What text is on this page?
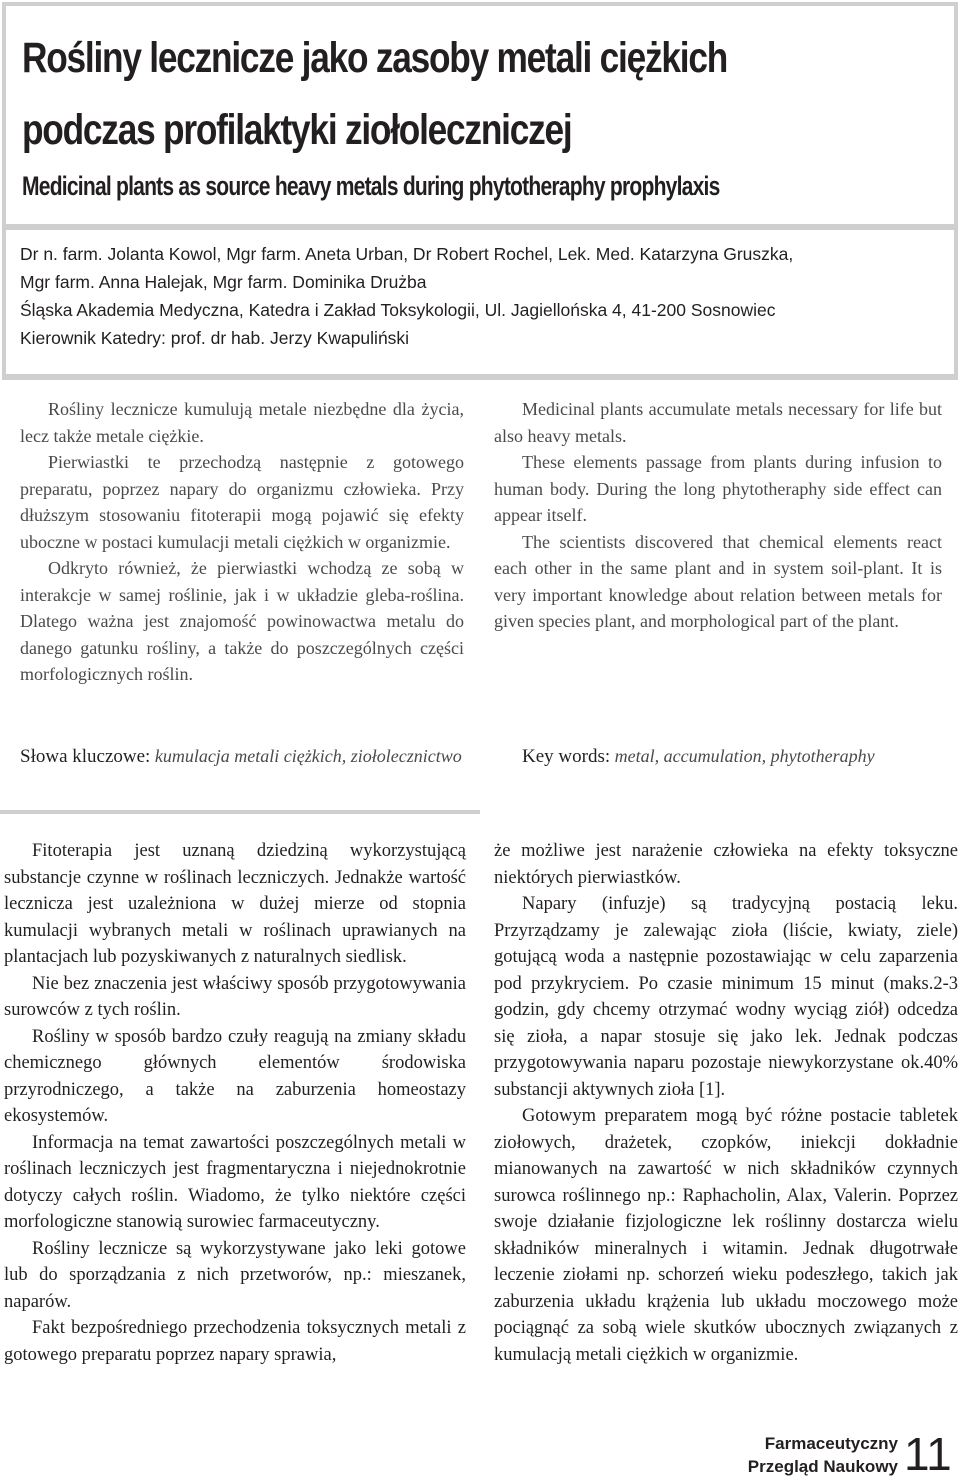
Rośliny lecznicze jako zasoby metali ciężkich
podczas profilaktyki ziołoleczniczej
Medicinal plants as source heavy metals during phytotheraphy prophylaxis

Dr n. farm. Jolanta Kowol, Mgr farm. Aneta Urban, Dr Robert Rochel, Lek. Med. Katarzyna Gruszka,

Mgr farm. Anna Halejak, Mgr farm. Dominika Drużba

Śląska Akademia Medyczna, Katedra i Zakład Toksykologii, Ul. Jagiellońska 4, 41-200 Sosnowiec

Kierownik Katedry: prof. dr hab. Jerzy Kwapuliński

Rośliny lecznicze kumulują metale niezbędne dla życia, lecz także metale ciężkie.

Pierwiastki te przechodzą następnie z gotowego preparatu, poprzez napary do organizmu człowieka. Przy dłuższym stosowaniu fitoterapii mogą pojawić się efekty uboczne w postaci kumulacji metali ciężkich w organizmie.

Odkryto również, że pierwiastki wchodzą ze sobą w interakcje w samej roślinie, jak i w układzie gleba-roślina. Dlatego ważna jest znajomość powinowactwa metalu do danego gatunku rośliny, a także do poszczególnych części morfologicznych roślin.

Medicinal plants accumulate metals necessary for life but also heavy metals.

These elements passage from plants during infusion to human body. During the long phytotheraphy side effect can appear itself.

The scientists discovered that chemical elements react each other in the same plant and in system soil-plant. It is very important knowledge about relation between metals for given species plant, and morphological part of the plant.

Słowa kluczowe: kumulacja metali ciężkich, ziołolecznictwo	Key words: metal, accumulation, phytotheraphy

Fitoterapia jest uznaną dziedziną wykorzystującą substancje czynne w roślinach leczniczych. Jednakże wartość lecznicza jest uzależniona w dużej mierze od stopnia kumulacji wybranych metali w roślinach uprawianych na plantacjach lub pozyskiwanych z naturalnych siedlisk.

Nie bez znaczenia jest właściwy sposób przygotowywania surowców z tych roślin.

Rośliny w sposób bardzo czuły reagują na zmiany składu chemicznego głównych elementów środowiska przyrodniczego, a także na zaburzenia homeostazy ekosystemów.

Informacja na temat zawartości poszczególnych metali w roślinach leczniczych jest fragmentaryczna i niejednokrotnie dotyczy całych roślin. Wiadomo, że tylko niektóre części morfologiczne stanowią surowiec farmaceutyczny.

Rośliny lecznicze są wykorzystywane jako leki gotowe lub do sporządzania z nich przetworów, np.: mieszanek, naparów.

Fakt bezpośredniego przechodzenia toksycznych metali z gotowego preparatu poprzez napary sprawia,

że możliwe jest narażenie człowieka na efekty toksyczne niektórych pierwiastków.

Napary (infuzje) są tradycyjną postacią leku. Przyrządzamy je zalewając zioła (liście, kwiaty, ziele) gotującą woda a następnie pozostawiając w celu zaparzenia pod przykryciem. Po czasie minimum 15 minut (maks.2-3 godzin, gdy chcemy otrzymać wodny wyciąg ziół) odcedza się zioła, a napar stosuje się jako lek. Jednak podczas przygotowywania naparu pozostaje niewykorzystane ok.40% substancji aktywnych zioła [1].

Gotowym preparatem mogą być różne postacie tabletek ziołowych, drażetek, czopków, iniekcji dokładnie mianowanych na zawartość w nich składników czynnych surowca roślinnego np.: Raphacholin, Alax, Valerin. Poprzez swoje działanie fizjologiczne lek roślinny dostarcza wielu składników mineralnych i witamin. Jednak długotrwałe leczenie ziołami np. schorzeń wieku podeszłego, takich jak zaburzenia układu krążenia lub układu moczowego może pociągnąć za sobą wiele skutków ubocznych związanych z kumulacją metali ciężkich w organizmie.

Farmaceutyczny
Przegląd Naukowy 11
